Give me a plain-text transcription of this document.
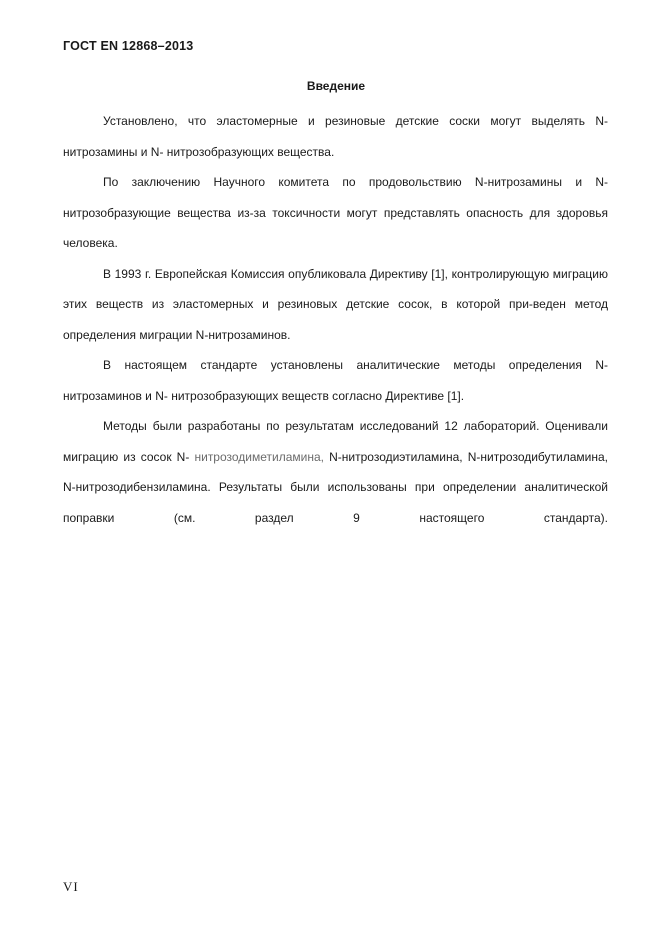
ГОСТ EN 12868–2013
Введение

Установлено, что эластомерные и резиновые детские соски могут выделять N-нитрозамины и N- нитрозобразующих вещества.

По заключению Научного комитета по продовольствию N-нитрозамины и N-нитрозобразующие вещества из-за токсичности могут представлять опасность для здоровья человека.

В 1993 г. Европейская Комиссия опубликовала Директиву [1], контролирующую миграцию этих веществ из эластомерных и резиновых детские сосок, в которой при-веден метод определения миграции N-нитрозаминов.

В настоящем стандарте установлены аналитические методы определения N-нитрозаминов и N- нитрозобразующих веществ согласно Директиве [1].

Методы были разработаны по результатам исследований 12 лабораторий. Оценивали миграцию из сосок N- нитрозодиметиламина, N-нитрозодиэтиламина, N-нитрозодибутиламина, N-нитрозодибензиламина. Результаты были использованы при определении аналитической поправки (см. раздел 9 настоящего стандарта).

VI
